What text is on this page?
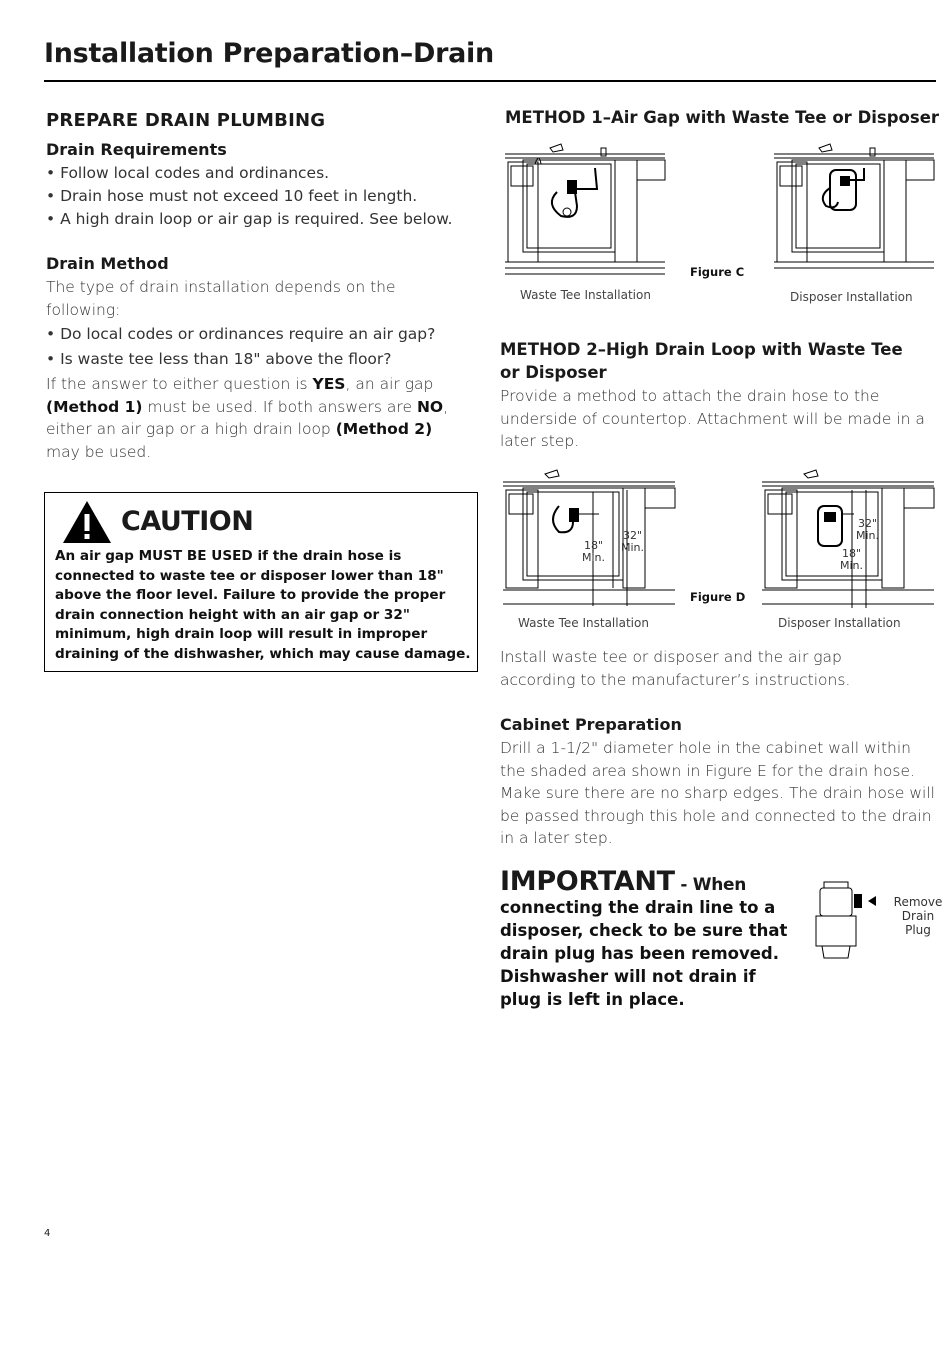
Installation Preparation–Drain
PREPARE DRAIN PLUMBING
Drain Requirements
• Follow local codes and ordinances.
• Drain hose must not exceed 10 feet in length.
• A high drain loop or air gap is required. See below.
Drain Method
The type of drain installation depends on the following:
• Do local codes or ordinances require an air gap?
• Is waste tee less than 18" above the floor?
If the answer to either question is YES, an air gap (Method 1) must be used. If both answers are NO, either an air gap or a high drain loop (Method 2) may be used.
CAUTION
An air gap MUST BE USED if the drain hose is connected to waste tee or disposer lower than 18" above the floor level. Failure to provide the proper drain connection height with an air gap or 32" minimum, high drain loop will result in improper draining of the dishwasher, which may cause damage.
METHOD 1–Air Gap with Waste Tee or Disposer
Figure C
Waste Tee Installation	Disposer Installation
METHOD 2–High Drain Loop with Waste Tee
or Disposer
Provide a method to attach the drain hose to the underside of countertop. Attachment will be made in a later step.
32"
Min.
18"
Min.
Figure D
Waste Tee Installation
32"
Min.
18"
Min.
Disposer Installation
Install waste tee or disposer and the air gap according to the manufacturer’s instructions.
Cabinet Preparation
Drill a 1-1/2" diameter hole in the cabinet wall within the shaded area shown in Figure E for the drain hose. Make sure there are no sharp edges. The drain hose will be passed through this hole and connected to the drain in a later step.
IMPORTANT - When
connecting the drain line to a
disposer, check to be sure that
drain plug has been removed.
Dishwasher will not drain if
plug is left in place.
Remove
Drain
Plug
4
